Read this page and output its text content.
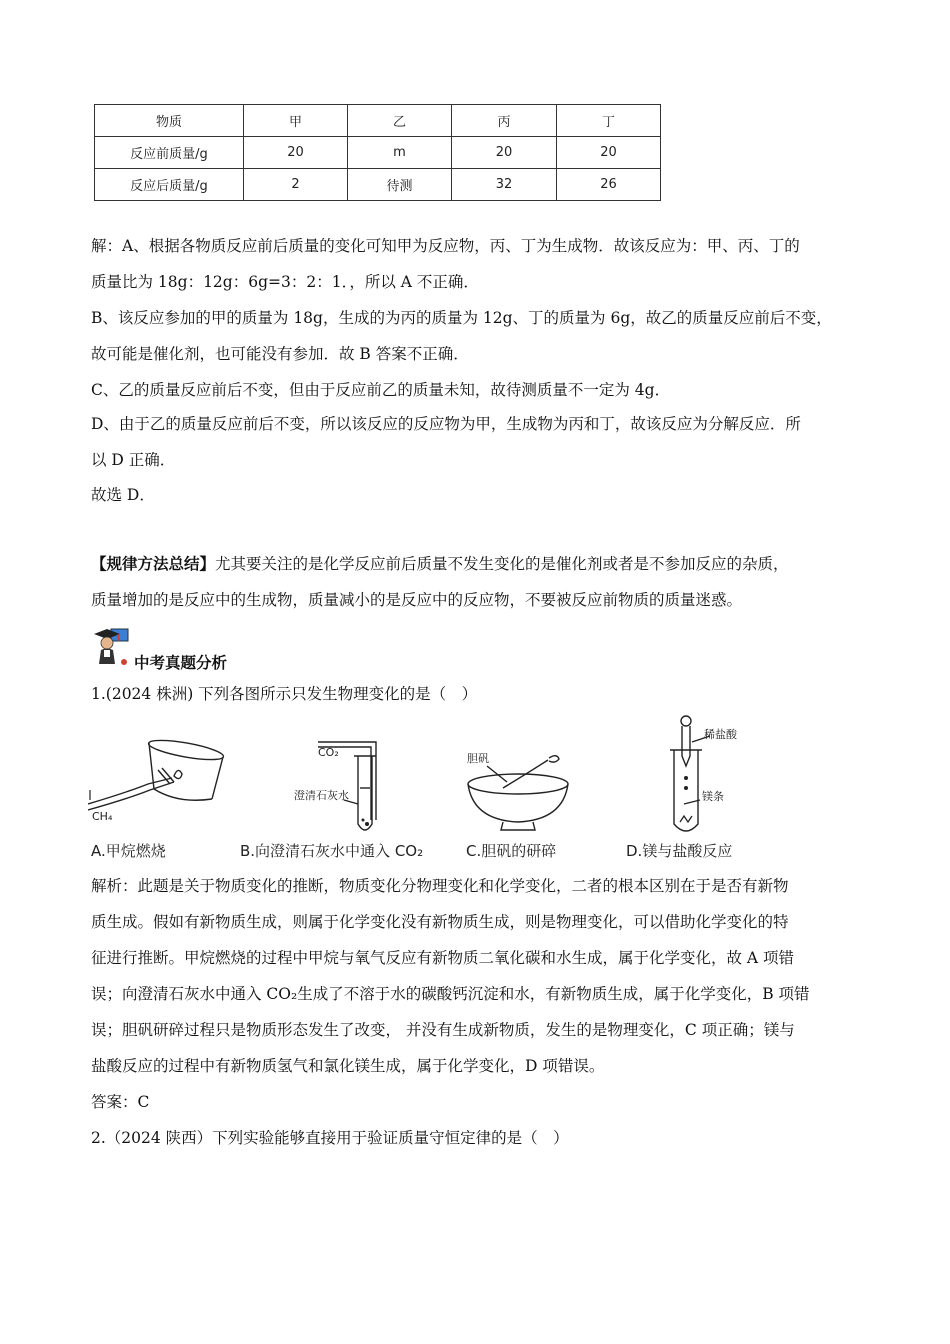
物质	甲	乙	丙	丁
反应前质量/g	20	m	20	20
反应后质量/g	2	待测	32	26
解：A、根据各物质反应前后质量的变化可知甲为反应物，丙、丁为生成物．故该反应为：甲、丙、丁的
质量比为 18g：12g：6g=3：2：1．，所以 A 不正确．
B、该反应参加的甲的质量为 18g，生成的为丙的质量为 12g、丁的质量为 6g，故乙的质量反应前后不变，
故可能是催化剂，也可能没有参加．故 B 答案不正确．
C、乙的质量反应前后不变，但由于反应前乙的质量未知，故待测质量不一定为 4g．
D、由于乙的质量反应前后不变，所以该反应的反应物为甲，生成物为丙和丁，故该反应为分解反应．所
以 D 正确．
故选 D．
【规律方法总结】尤其要关注的是化学反应前后质量不发生变化的是催化剂或者是不参加反应的杂质，
质量增加的是反应中的生成物，质量减小的是反应中的反应物，不要被反应前物质的质量迷惑。
中考真题分析
1.(2024 株洲) 下列各图所示只发生物理变化的是（　）
CH₄
CO₂
澄清石灰水
胆矾
稀盐酸
镁条
A.甲烷燃烧	B.向澄清石灰水中通入 CO₂	C.胆矾的研碎	D.镁与盐酸反应
解析：此题是关于物质变化的推断，物质变化分物理变化和化学变化，二者的根本区别在于是否有新物
质生成。假如有新物质生成，则属于化学变化没有新物质生成，则是物理变化，可以借助化学变化的特
征进行推断。甲烷燃烧的过程中甲烷与氧气反应有新物质二氧化碳和水生成，属于化学变化，故 A 项错
误；向澄清石灰水中通入 CO₂生成了不溶于水的碳酸钙沉淀和水，有新物质生成，属于化学变化，B 项错
误；胆矾研碎过程只是物质形态发生了改变， 并没有生成新物质，发生的是物理变化，C 项正确；镁与
盐酸反应的过程中有新物质氢气和氯化镁生成，属于化学变化，D 项错误。
答案：C
2.（2024 陕西）下列实验能够直接用于验证质量守恒定律的是（　）
